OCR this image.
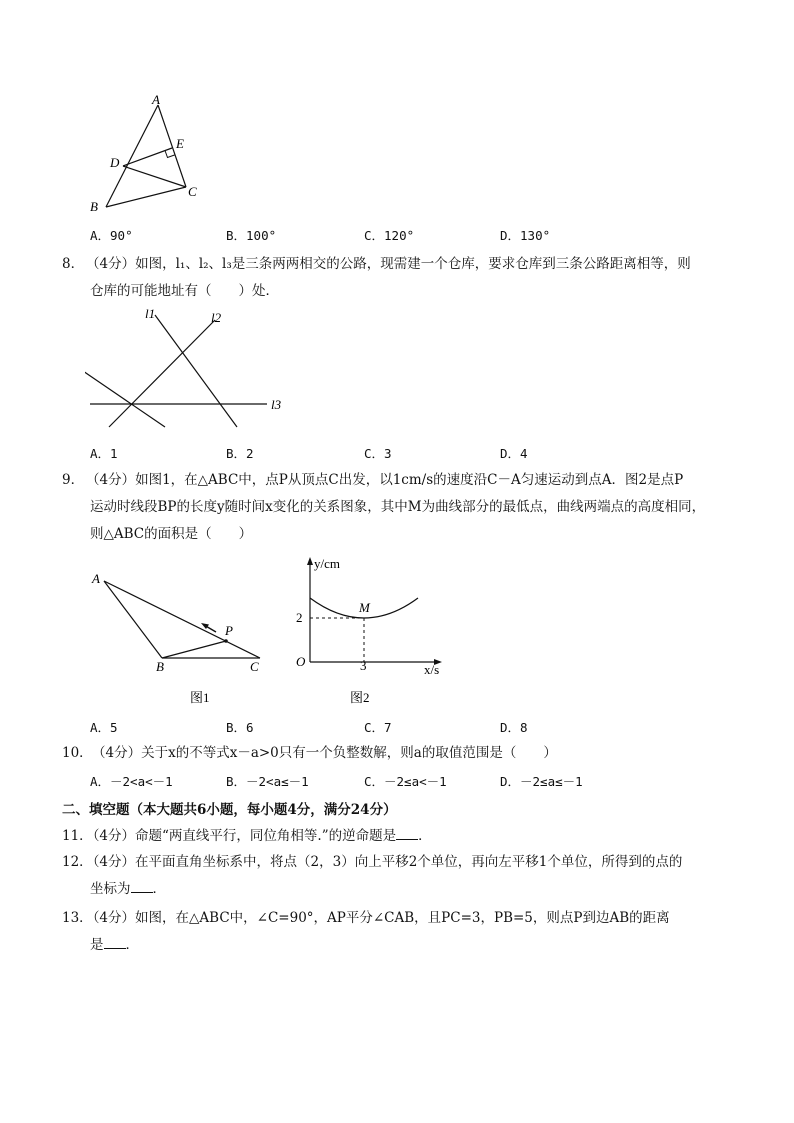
A
E
D
C
B
A．90°	B．100°	C．120°	D．130°
8． （4分）如图，l₁、l₂、l₃是三条两两相交的公路，现需建一个仓库，要求仓库到三条公路距离相等，则
仓库的可能地址有（　　）处．
l1	l2
l3
A．1	B．2	C．3	D．4
9． （4分）如图1，在△ABC中，点P从顶点C出发，以1cm/s的速度沿C－A匀速运动到点A．图2是点P
运动时线段BP的长度y随时间x变化的关系图象，其中M为曲线部分的最低点，曲线两端点的高度相同，
则△ABC的面积是（　　）
A
P
B	C
图1
y/cm
M
2
O	3	x/s
图2
A．5	B．6	C．7	D．8
10． （4分）关于x的不等式x－a>0只有一个负整数解，则a的取值范围是（　　）
A．－2<a<－1	B．－2<a≤－1	C．－2≤a<－1	D．－2≤a≤－1
二、填空题（本大题共6小题，每小题4分，满分24分）
11．（4分）命题“两直线平行，同位角相等.”的逆命题是 ．
12．（4分）在平面直角坐标系中，将点（2，3）向上平移2个单位，再向左平移1个单位，所得到的点的
坐标为 ．
13．（4分）如图，在△ABC中，∠C=90°，AP平分∠CAB，且PC=3，PB=5，则点P到边AB的距离
是 ．
